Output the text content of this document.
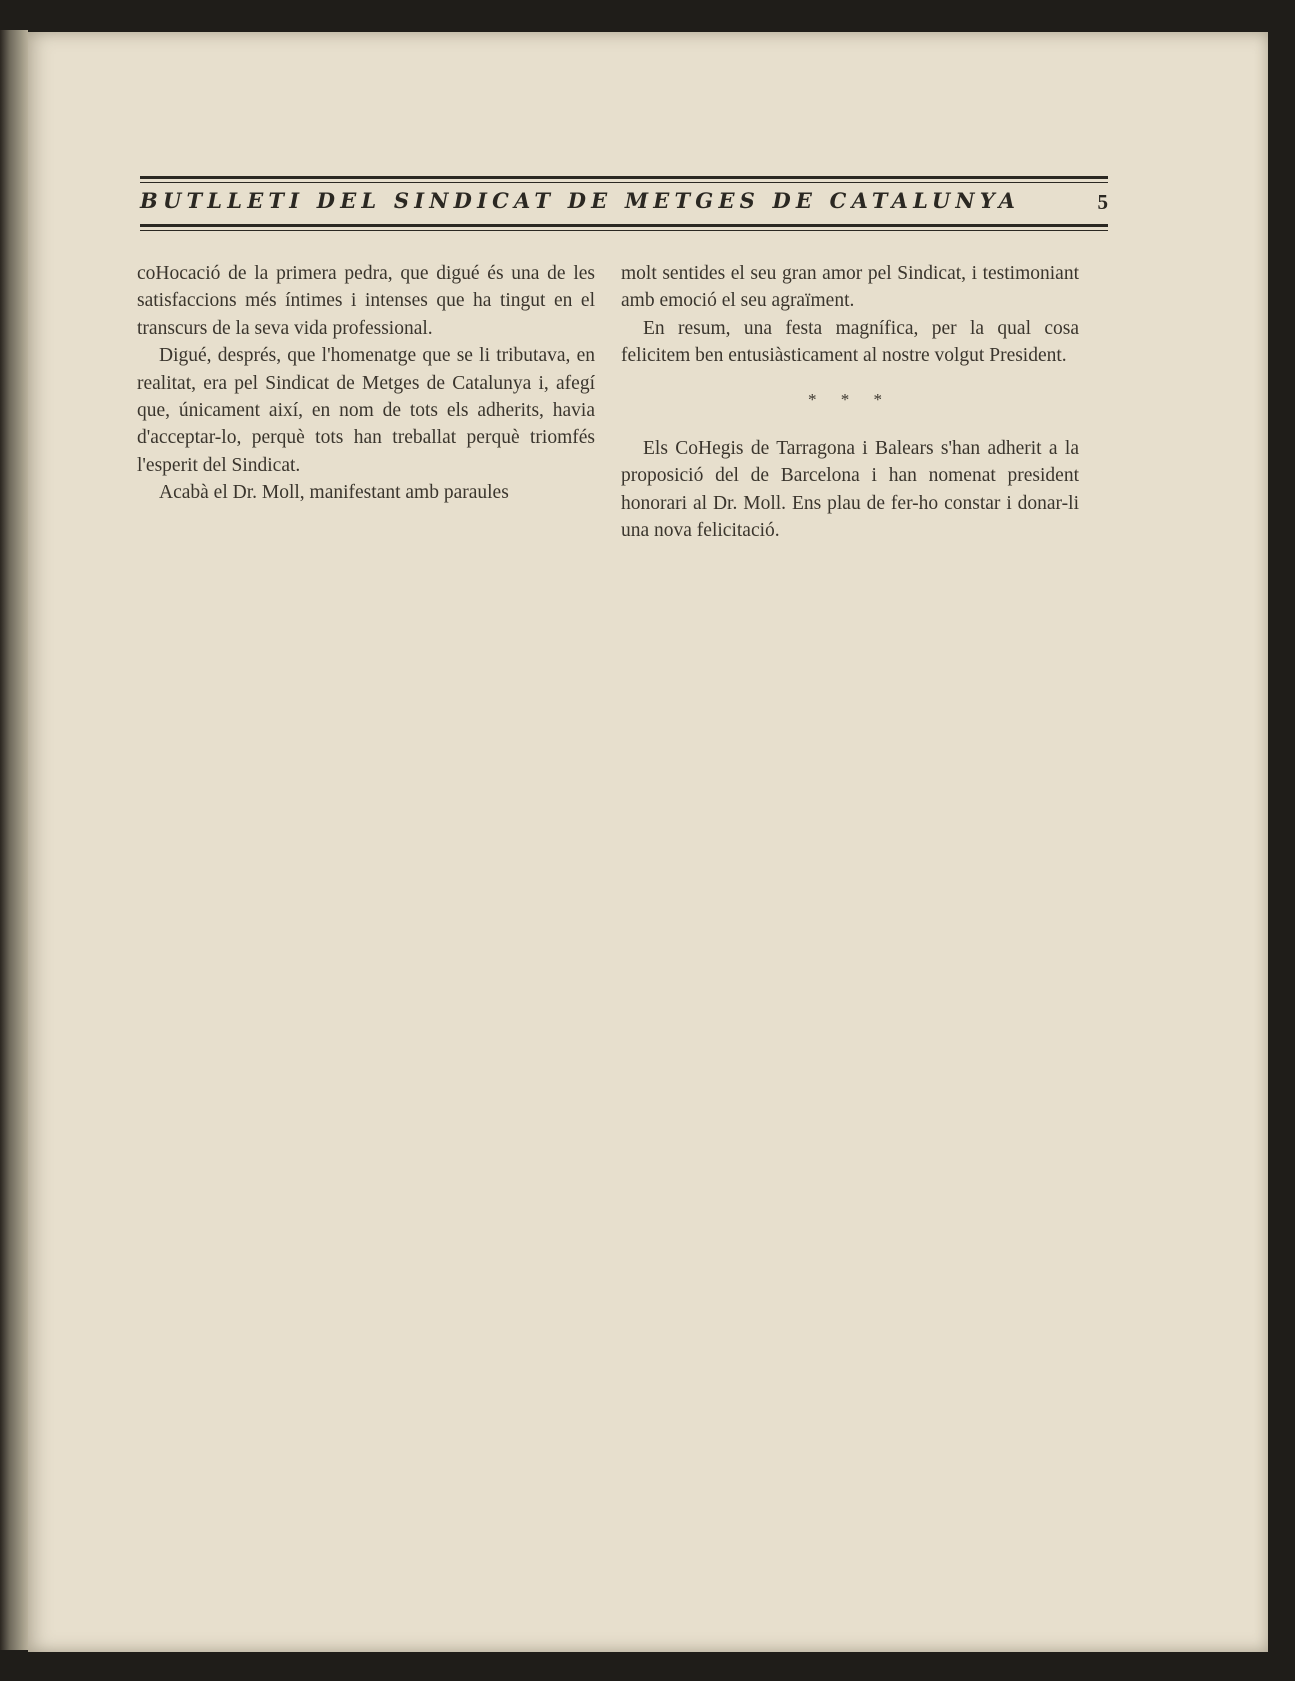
BUTLLETI DEL SINDICAT DE METGES DE CATALUNYA	5

coHocació de la primera pedra, que digué és una de les satisfaccions més íntimes i intenses que ha tingut en el transcurs de la seva vida professional.

Digué, després, que l'homenatge que se li tributava, en realitat, era pel Sindicat de Metges de Catalunya i, afegí que, únicament així, en nom de tots els adherits, havia d'acceptar-lo, perquè tots han treballat perquè triomfés l'esperit del Sindicat.

Acabà el Dr. Moll, manifestant amb paraules

molt sentides el seu gran amor pel Sindicat, i testimoniant amb emoció el seu agraïment.

En resum, una festa magnífica, per la qual cosa felicitem ben entusiàsticament al nostre volgut President.

* * *

Els CoHegis de Tarragona i Balears s'han adherit a la proposició del de Barcelona i han nomenat president honorari al Dr. Moll. Ens plau de fer-ho constar i donar-li una nova felicitació.
